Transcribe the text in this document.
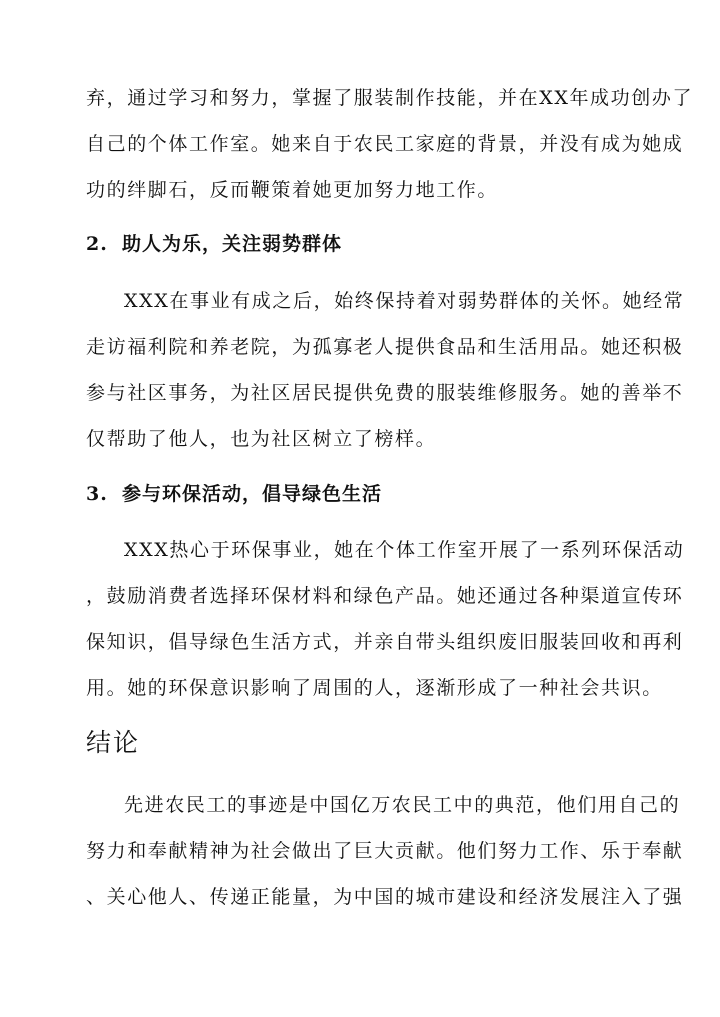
弃，通过学习和努力，掌握了服装制作技能，并在XX年成功创办了
自己的个体工作室。她来自于农民工家庭的背景，并没有成为她成
功的绊脚石，反而鞭策着她更加努力地工作。
2. 助人为乐，关注弱势群体
XXX在事业有成之后，始终保持着对弱势群体的关怀。她经常
走访福利院和养老院，为孤寡老人提供食品和生活用品。她还积极
参与社区事务，为社区居民提供免费的服装维修服务。她的善举不
仅帮助了他人，也为社区树立了榜样。
3. 参与环保活动，倡导绿色生活
XXX热心于环保事业，她在个体工作室开展了一系列环保活动
，鼓励消费者选择环保材料和绿色产品。她还通过各种渠道宣传环
保知识，倡导绿色生活方式，并亲自带头组织废旧服装回收和再利
用。她的环保意识影响了周围的人，逐渐形成了一种社会共识。
结论
先进农民工的事迹是中国亿万农民工中的典范，他们用自己的
努力和奉献精神为社会做出了巨大贡献。他们努力工作、乐于奉献
、关心他人、传递正能量，为中国的城市建设和经济发展注入了强
